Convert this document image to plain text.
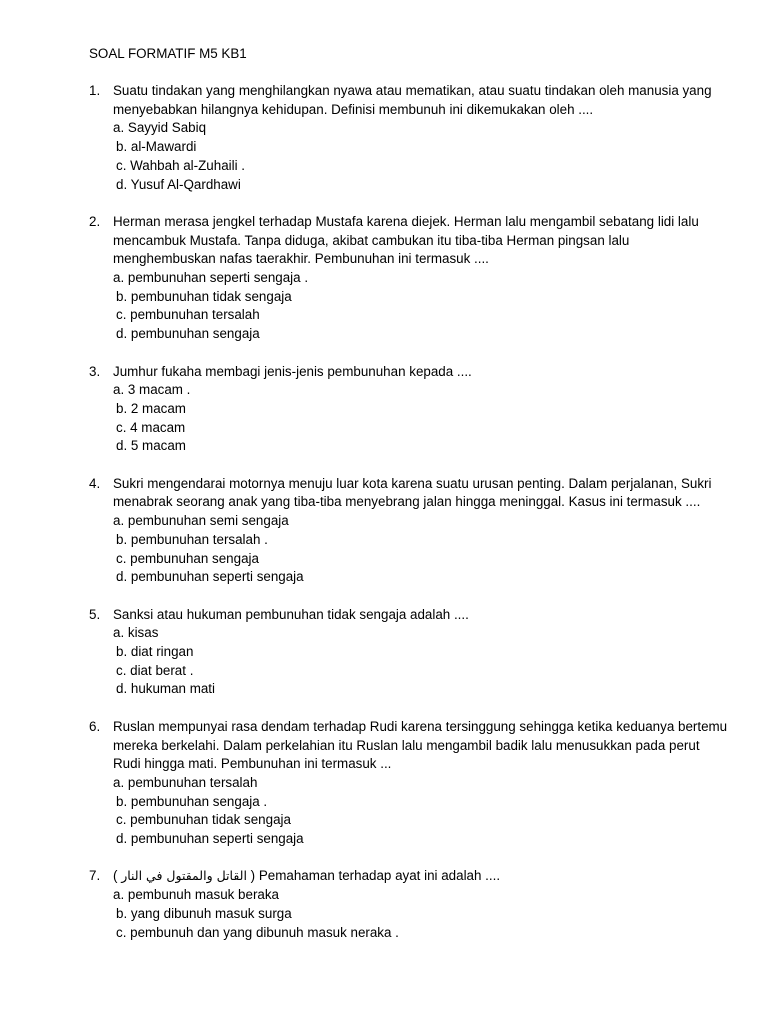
SOAL FORMATIF M5 KB1
1. Suatu tindakan yang menghilangkan nyawa atau mematikan, atau suatu tindakan oleh manusia yang menyebabkan hilangnya kehidupan. Definisi membunuh ini dikemukakan oleh ....
a. Sayyid Sabiq
b. al-Mawardi
c. Wahbah al-Zuhaili .
d. Yusuf Al-Qardhawi
2. Herman merasa jengkel terhadap Mustafa karena diejek. Herman lalu mengambil sebatang lidi lalu mencambuk Mustafa. Tanpa diduga, akibat cambukan itu tiba-tiba Herman pingsan lalu menghembuskan nafas taerakhir. Pembunuhan ini termasuk ....
a. pembunuhan seperti sengaja .
b. pembunuhan tidak sengaja
c. pembunuhan tersalah
d. pembunuhan sengaja
3. Jumhur fukaha membagi jenis-jenis pembunuhan kepada ....
a. 3 macam .
b. 2 macam
c. 4 macam
d. 5 macam
4. Sukri mengendarai motornya menuju luar kota karena suatu urusan penting. Dalam perjalanan, Sukri menabrak seorang anak yang tiba-tiba menyebrang jalan hingga meninggal. Kasus ini termasuk ....
a. pembunuhan semi sengaja
b. pembunuhan tersalah .
c. pembunuhan sengaja
d. pembunuhan seperti sengaja
5. Sanksi atau hukuman pembunuhan tidak sengaja adalah ....
a. kisas
b. diat ringan
c. diat berat .
d. hukuman mati
6. Ruslan mempunyai rasa dendam terhadap Rudi karena tersinggung sehingga ketika keduanya bertemu mereka berkelahi. Dalam perkelahian itu Ruslan lalu mengambil badik lalu menusukkan pada perut Rudi hingga mati. Pembunuhan ini termasuk ...
a. pembunuhan tersalah
b. pembunuhan sengaja .
c. pembunuhan tidak sengaja
d. pembunuhan seperti sengaja
7. ( القاتل والمقتول في النار ) Pemahaman terhadap ayat ini adalah ....
a. pembunuh masuk beraka
b. yang dibunuh masuk surga
c. pembunuh dan yang dibunuh masuk neraka .
